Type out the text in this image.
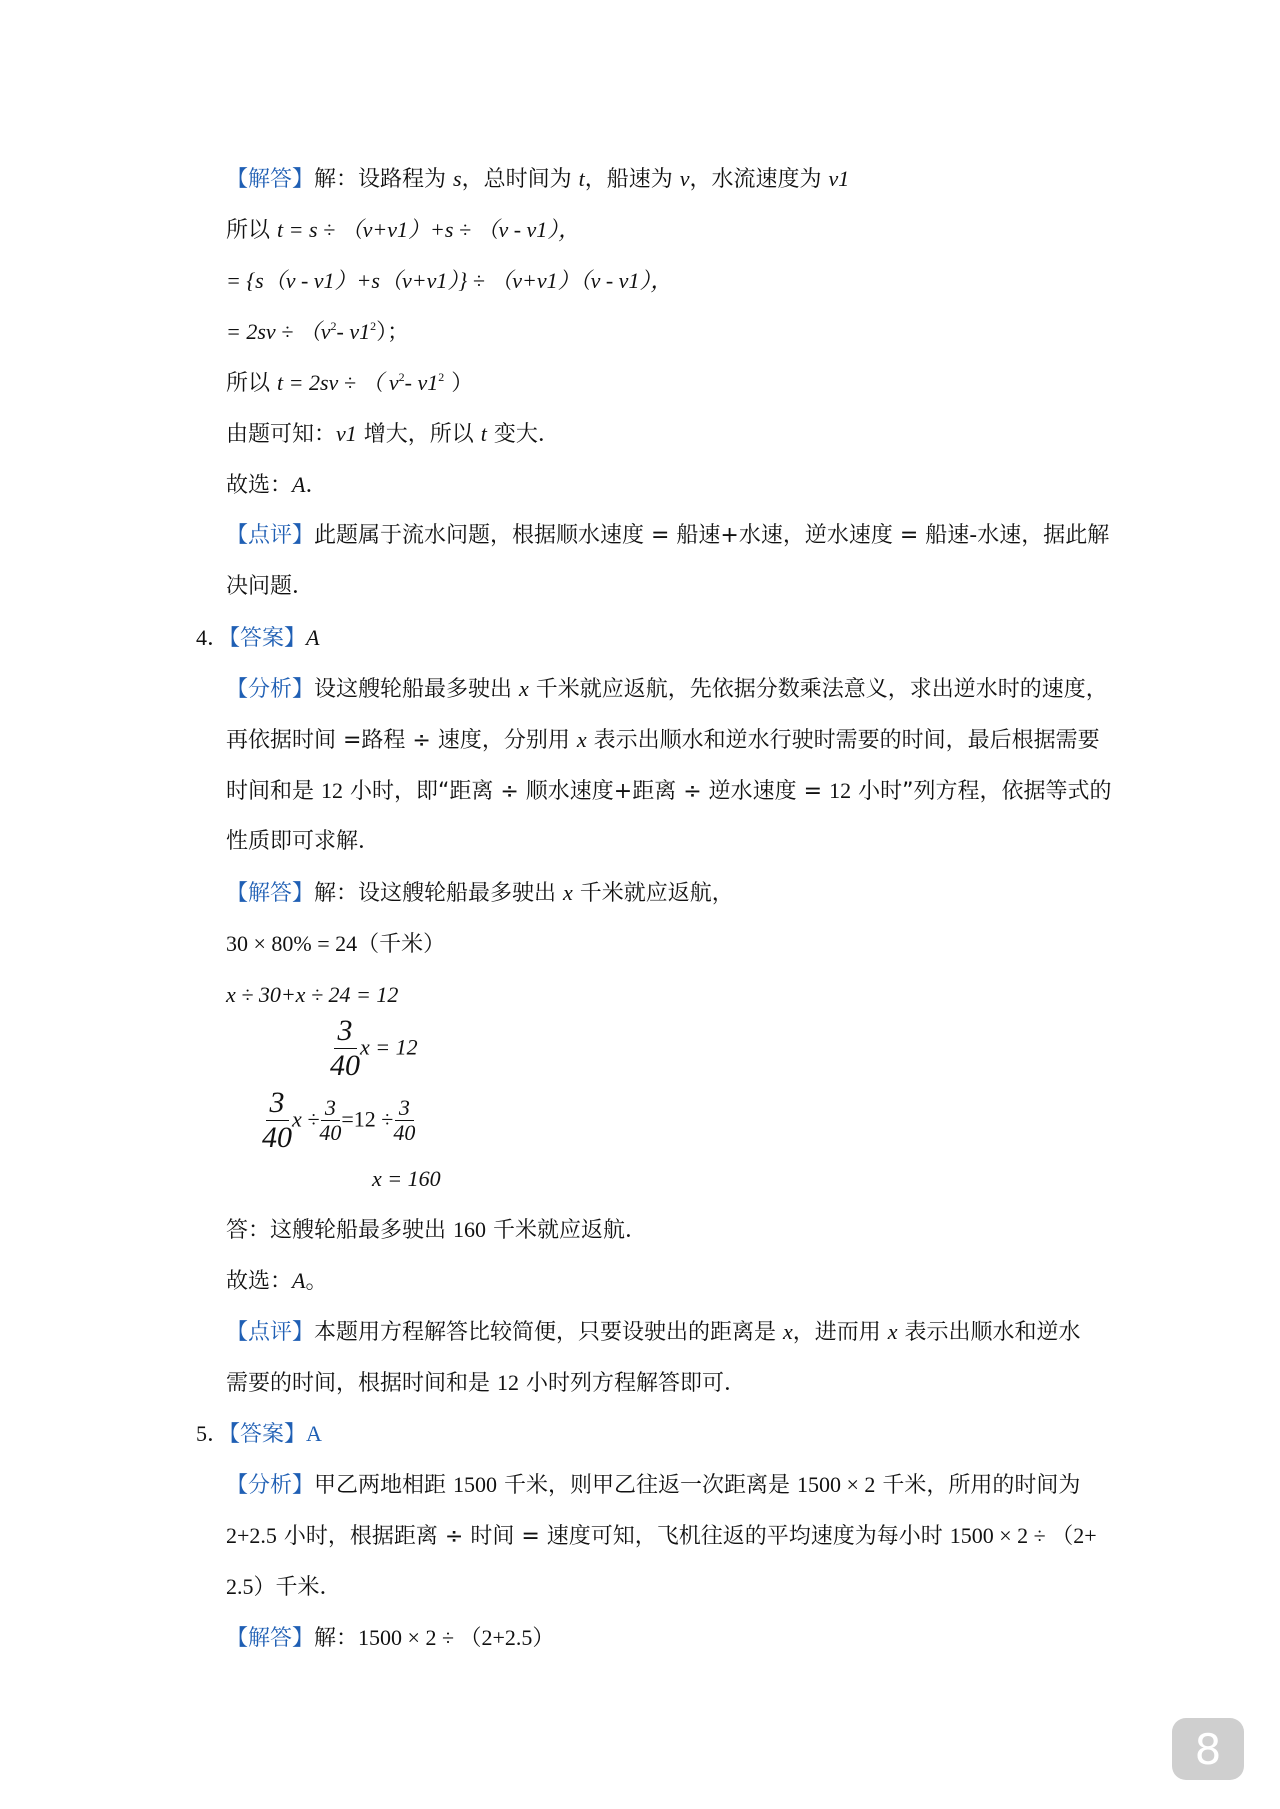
【解答】解：设路程为 s，总时间为 t，船速为 v，水流速度为 v1
所以 t = s ÷ （v+v1）+s ÷ （v - v1），
= {s（v - v1）+s（v+v1）} ÷ （v+v1）（v - v1），
= $2sv \div (v^2-$ $v1^2$）；
所以 t = 2sv ÷ （ $v^2-$ $v1^2$ ）
由题可知：v1 增大，所以 t 变大．
故选：A．
【点评】此题属于流水问题，根据顺水速度 = 船速+水速，逆水速度 = 船速-水速，据此解
决问题．
4．【答案】A
【分析】设这艘轮船最多驶出 x 千米就应返航，先依据分数乘法意义，求出逆水时的速度，
再依据时间 =路程 ÷ 速度，分别用 x 表示出顺水和逆水行驶时需要的时间，最后根据需要
时间和是 12 小时，即“距离 ÷ 顺水速度+距离 ÷ 逆水速度 = 12 小时”列方程，依据等式的
性质即可求解．
【解答】解：设这艘轮船最多驶出 x 千米就应返航，
30 × 80% = 24（千米）
x ÷ 30+x ÷ 24 = 12
$\frac{3}{40}$ x = 12
$\frac{3}{40}$ $x \div \frac{3}{40} =12 \div \frac{3}{40}$
x = 160
答：这艘轮船最多驶出 160 千米就应返航．
故选：A。
【点评】本题用方程解答比较简便，只要设驶出的距离是 x，进而用 x 表示出顺水和逆水
需要的时间，根据时间和是 12 小时列方程解答即可．
5．【答案】A
【分析】甲乙两地相距 1500 千米，则甲乙往返一次距离是 1500 × 2 千米，所用的时间为
2+2.5 小时，根据距离 ÷ 时间 = 速度可知，飞机往返的平均速度为每小时 1500 × 2 ÷ （2+
2.5）千米．
【解答】解：1500 × 2 ÷ （2+2.5）
8
